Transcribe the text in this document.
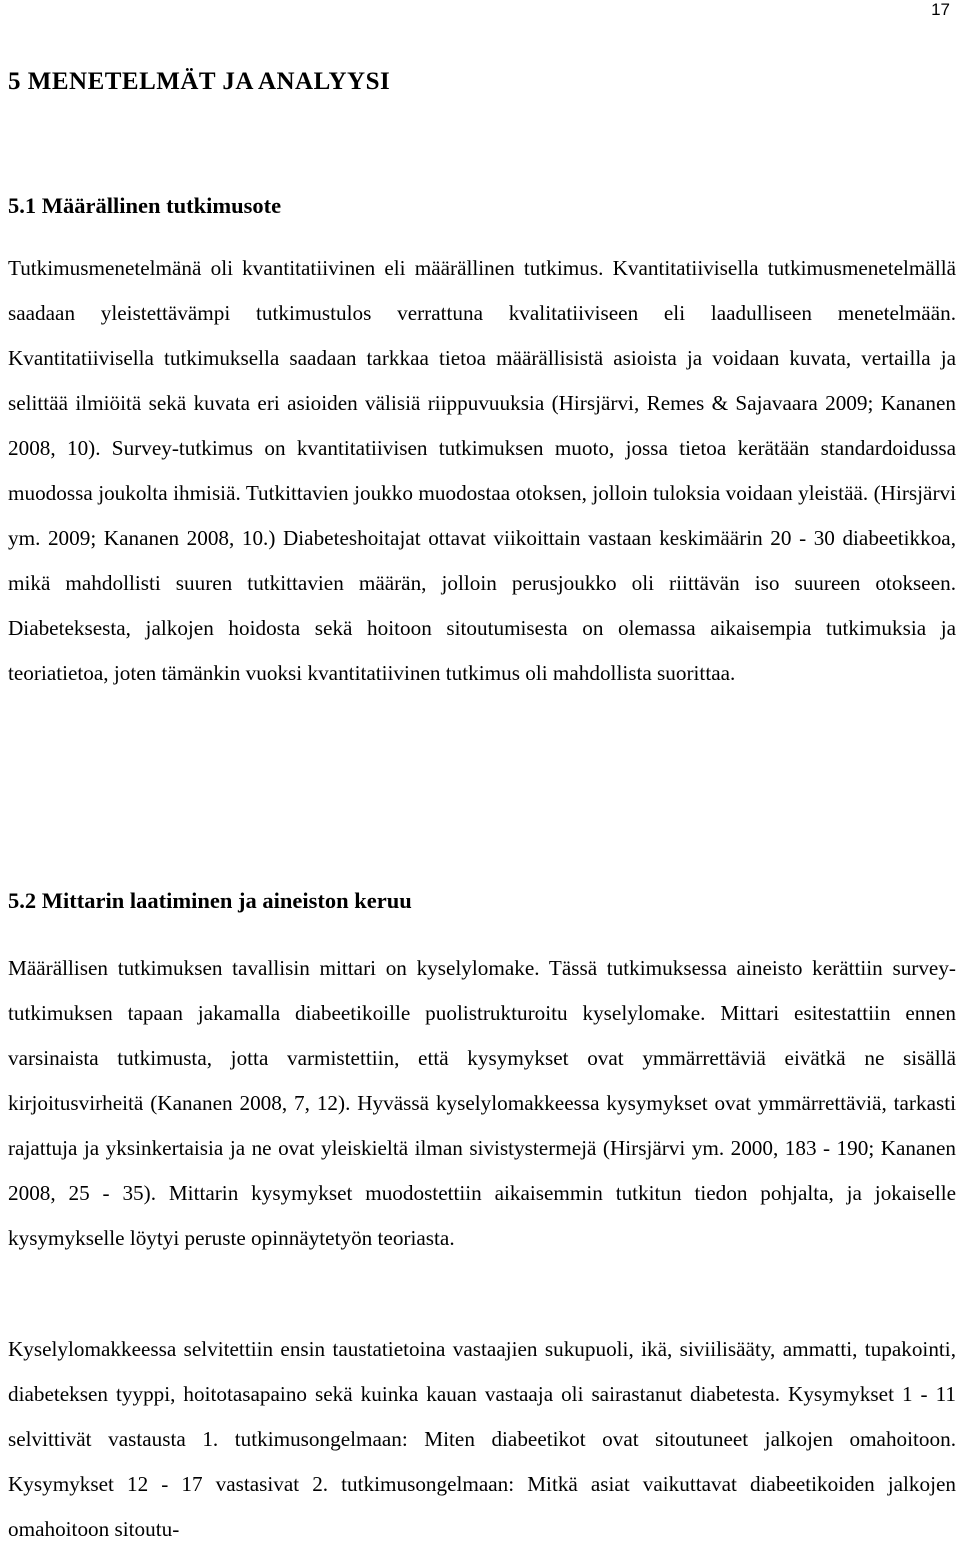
17
5 MENETELMÄT JA ANALYYSI
5.1 Määrällinen tutkimusote

Tutkimusmenetelmänä oli kvantitatiivinen eli määrällinen tutkimus. Kvantitatiivisella tutkimusmenetelmällä saadaan yleistettävämpi tutkimustulos verrattuna kvalitatiiviseen eli laadulliseen menetelmään. Kvantitatiivisella tutkimuksella saadaan tarkkaa tietoa määrällisistä asioista ja voidaan kuvata, vertailla ja selittää ilmiöitä sekä kuvata eri asioiden välisiä riippuvuuksia (Hirsjärvi, Remes & Sajavaara 2009; Kananen 2008, 10). Survey-tutkimus on kvantitatiivisen tutkimuksen muoto, jossa tietoa kerätään standardoidussa muodossa joukolta ihmisiä. Tutkittavien joukko muodostaa otoksen, jolloin tuloksia voidaan yleistää. (Hirsjärvi ym. 2009; Kananen 2008, 10.) Diabeteshoitajat ottavat viikoittain vastaan keskimäärin 20 - 30 diabeetikkoa, mikä mahdollisti suuren tutkittavien määrän, jolloin perusjoukko oli riittävän iso suureen otokseen. Diabeteksesta, jalkojen hoidosta sekä hoitoon sitoutumisesta on olemassa aikaisempia tutkimuksia ja teoriatietoa, joten tämänkin vuoksi kvantitatiivinen tutkimus oli mahdollista suorittaa.

5.2 Mittarin laatiminen ja aineiston keruu

Määrällisen tutkimuksen tavallisin mittari on kyselylomake. Tässä tutkimuksessa aineisto kerättiin survey-tutkimuksen tapaan jakamalla diabeetikoille puolistrukturoitu kyselylomake. Mittari esitestattiin ennen varsinaista tutkimusta, jotta varmistettiin, että kysymykset ovat ymmärrettäviä eivätkä ne sisällä kirjoitusvirheitä (Kananen 2008, 7, 12). Hyvässä kyselylomakkeessa kysymykset ovat ymmärrettäviä, tarkasti rajattuja ja yksinkertaisia ja ne ovat yleiskieltä ilman sivistystermejä (Hirsjärvi ym. 2000, 183 - 190; Kananen 2008, 25 - 35). Mittarin kysymykset muodostettiin aikaisemmin tutkitun tiedon pohjalta, ja jokaiselle kysymykselle löytyi peruste opinnäytetyön teoriasta.

Kyselylomakkeessa selvitettiin ensin taustatietoina vastaajien sukupuoli, ikä, siviilisääty, ammatti, tupakointi, diabeteksen tyyppi, hoitotasapaino sekä kuinka kauan vastaaja oli sairastanut diabetesta. Kysymykset 1 - 11 selvittivät vastausta 1. tutkimusongelmaan: Miten diabeetikot ovat sitoutuneet jalkojen omahoitoon. Kysymykset 12 - 17 vastasivat 2. tutkimusongelmaan: Mitkä asiat vaikuttavat diabeetikoiden jalkojen omahoitoon sitoutu-
